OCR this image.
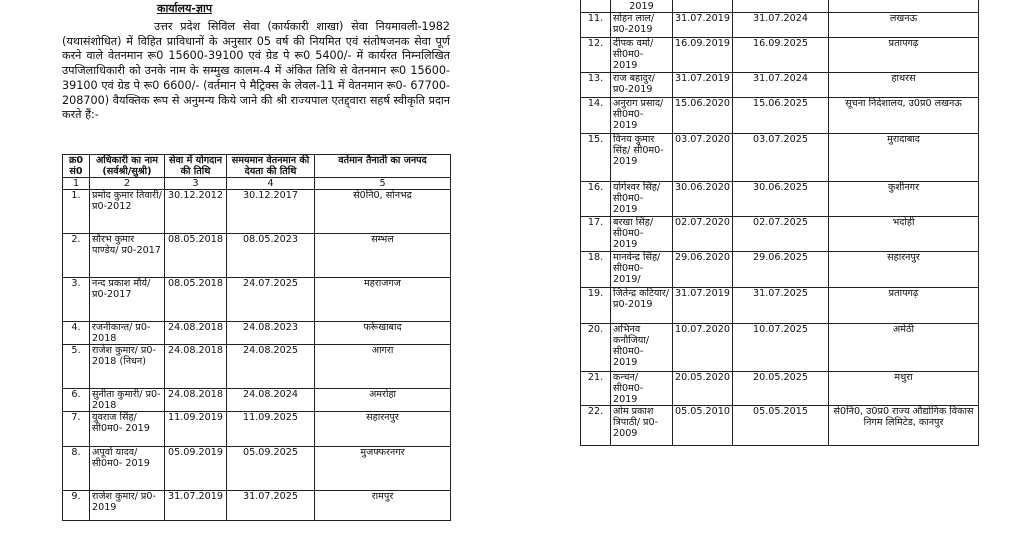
कार्यालय-ज्ञाप

उत्तर प्रदेश सिविल सेवा (कार्यकारी शाखा) सेवा नियमावली-1982 (यथासंशोधित) में विहित प्राविधानों के अनुसार 05 वर्ष की नियमित एवं संतोषजनक सेवा पूर्ण करने वाले वेतनमान रू0 15600-39100 एवं ग्रेड पे रू0 5400/- में कार्यरत निम्नलिखित उपजिलाधिकारी को उनके नाम के सम्मुख कालम-4 में अंकित तिथि से वेतनमान रू0 15600-39100 एवं ग्रेड पे रू0 6600/- (वर्तमान पे मैट्रिक्स के लेवल-11 में वेतनमान रू0- 67700-208700) वैयक्तिक रूप से अनुमन्य किये जाने की श्री राज्यपाल एतद्द्वारा सहर्ष स्वीकृति प्रदान करते हैं:-

क्र0 सं0	अधिकारी का नाम (सर्वश्री/सुश्री)	सेवा में योगदान की तिथि	समयमान वेतनमान की देयता की तिथि	वर्तमान तैनाती का जनपद
1	2	3	4	5
1.	प्रमोद कुमार तिवारी/ प्र0-2012	30.12.2012	30.12.2017	से0नि0, सोनभद्र
2.	सौरभ कुमार पाण्डेय/ प्र0-2017	08.05.2018	08.05.2023	सम्भल
3.	नन्द प्रकाश मौर्य/ प्र0-2017	08.05.2018	24.07.2025	महराजगज
4.	रजनीकान्त/ प्र0-2018	24.08.2018	24.08.2023	फर्रूखाबाद
5.	राजेश कुमार/ प्र0-2018 (निधन)	24.08.2018	24.08.2025	आगरा
6.	सुनीता कुमारी/ प्र0-2018	24.08.2018	24.08.2024	अमरोहा
7.	युवराज सिंह/ सी0म0- 2019	11.09.2019	11.09.2025	सहारनपुर
8.	अपूर्वा यादव/ सी0म0- 2019	05.09.2019	05.09.2025	मुजफ्फरनगर
9.	राजेश कुमार/ प्र0-2019	31.07.2019	31.07.2025	रामपुर
	2019			
11.	सोहन लाल/ प्र0-2019	31.07.2019	31.07.2024	लखनऊ
12.	दीपक वर्मा/ सी0म0- 2019	16.09.2019	16.09.2025	प्रतापगढ़
13.	राज बहादुर/ प्र0-2019	31.07.2019	31.07.2024	हाथरस
14.	अनुराग प्रसाद/ सी0म0- 2019	15.06.2020	15.06.2025	सूचना निदेशालय, उ0प्र0 लखनऊ
15.	विनय कुमार सिंह/ सी0म0- 2019	03.07.2020	03.07.2025	मुरादाबाद
16.	योगेश्वर सिंह/ सी0म0- 2019	30.06.2020	30.06.2025	कुशीनगर
17.	बरखा सिंह/ सी0म0- 2019	02.07.2020	02.07.2025	भदोही
18.	मानवेन्द्र सिंह/ सी0म0- 2019/	29.06.2020	29.06.2025	सहारनपुर
19.	जितेन्द्र कटियार/ प्र0-2019	31.07.2019	31.07.2025	प्रतापगढ़
20.	अभिनव कनौजिया/ सी0म0- 2019	10.07.2020	10.07.2025	अमेठी
21.	कन्चन/ सी0म0- 2019	20.05.2020	20.05.2025	मथुरा
22.	ओम प्रकाश त्रिपाठी/ प्र0-2009	05.05.2010	05.05.2015	से0नि0, उ0प्र0 राज्य औद्योगिक विकास निगम लिमिटेड, कानपुर
